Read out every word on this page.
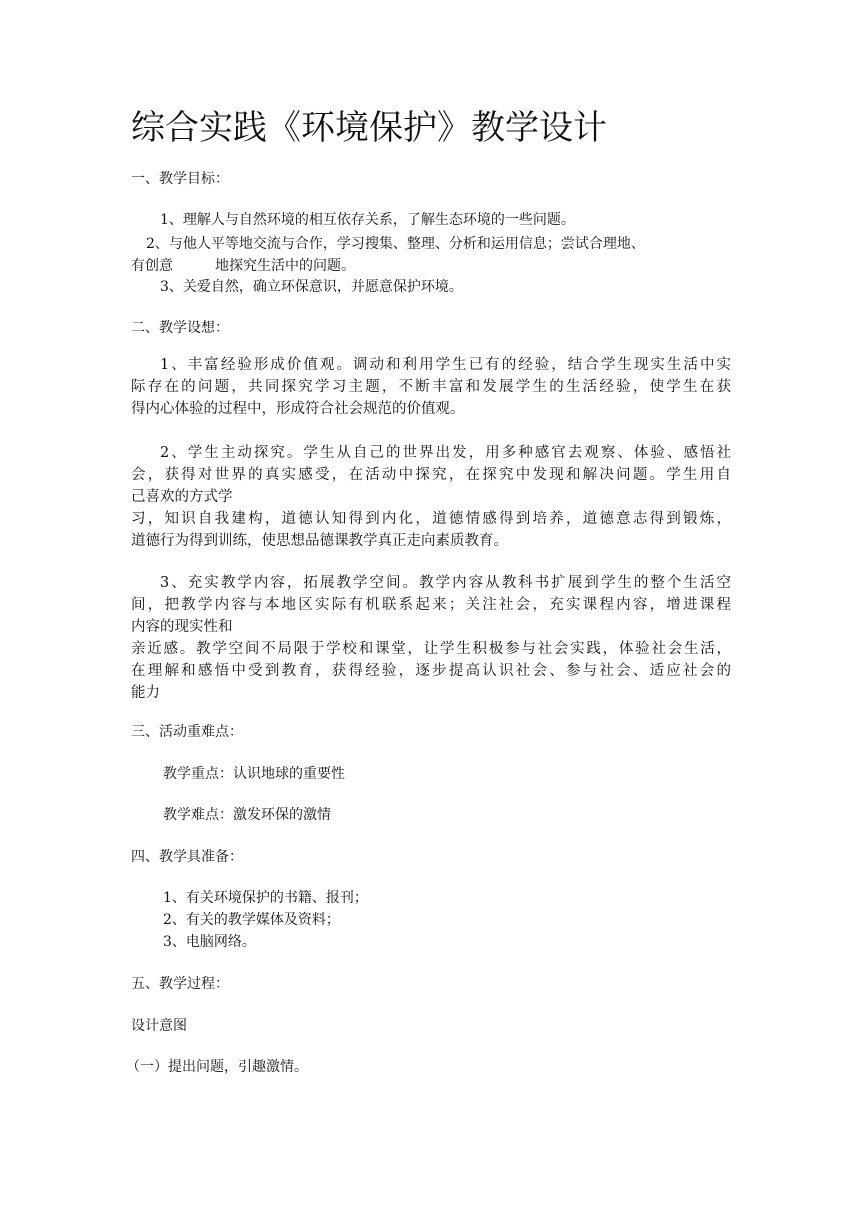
综合实践《环境保护》教学设计

一、教学目标：

1、理解人与自然环境的相互依存关系，了解生态环境的一些问题。

2、与他人平等地交流与合作，学习搜集、整理、分析和运用信息；尝试合理地、

有创意	地探究生活中的问题。

3、关爱自然，确立环保意识，并愿意保护环境。

二、教学设想：

1、丰富经验形成价值观。调动和利用学生已有的经验，结合学生现实生活中实
际存在的问题，共同探究学习主题，不断丰富和发展学生的生活经验，使学生在获
得内心体验的过程中，形成符合社会规范的价值观。
2、学生主动探究。学生从自己的世界出发，用多种感官去观察、体验、感悟社
会，获得对世界的真实感受，在活动中探究，在探究中发现和解决问题。学生用自
己喜欢的方式学
习，知识自我建构，道德认知得到内化，道德情感得到培养，道德意志得到锻炼，
道德行为得到训练，使思想品德课教学真正走向素质教育。
3、充实教学内容，拓展教学空间。教学内容从教科书扩展到学生的整个生活空
间，把教学内容与本地区实际有机联系起来；关注社会，充实课程内容，增进课程
内容的现实性和
亲近感。教学空间不局限于学校和课堂，让学生积极参与社会实践，体验社会生活，
在理解和感悟中受到教育，获得经验，逐步提高认识社会、参与社会、适应社会的
能力

三、活动重难点：

教学重点：认识地球的重要性

教学难点：激发环保的激情

四、教学具准备：

1、有关环境保护的书籍、报刊；

2、有关的教学媒体及资料；

3、电脑网络。

五、教学过程：

设计意图

（一）提出问题，引趣激情。
